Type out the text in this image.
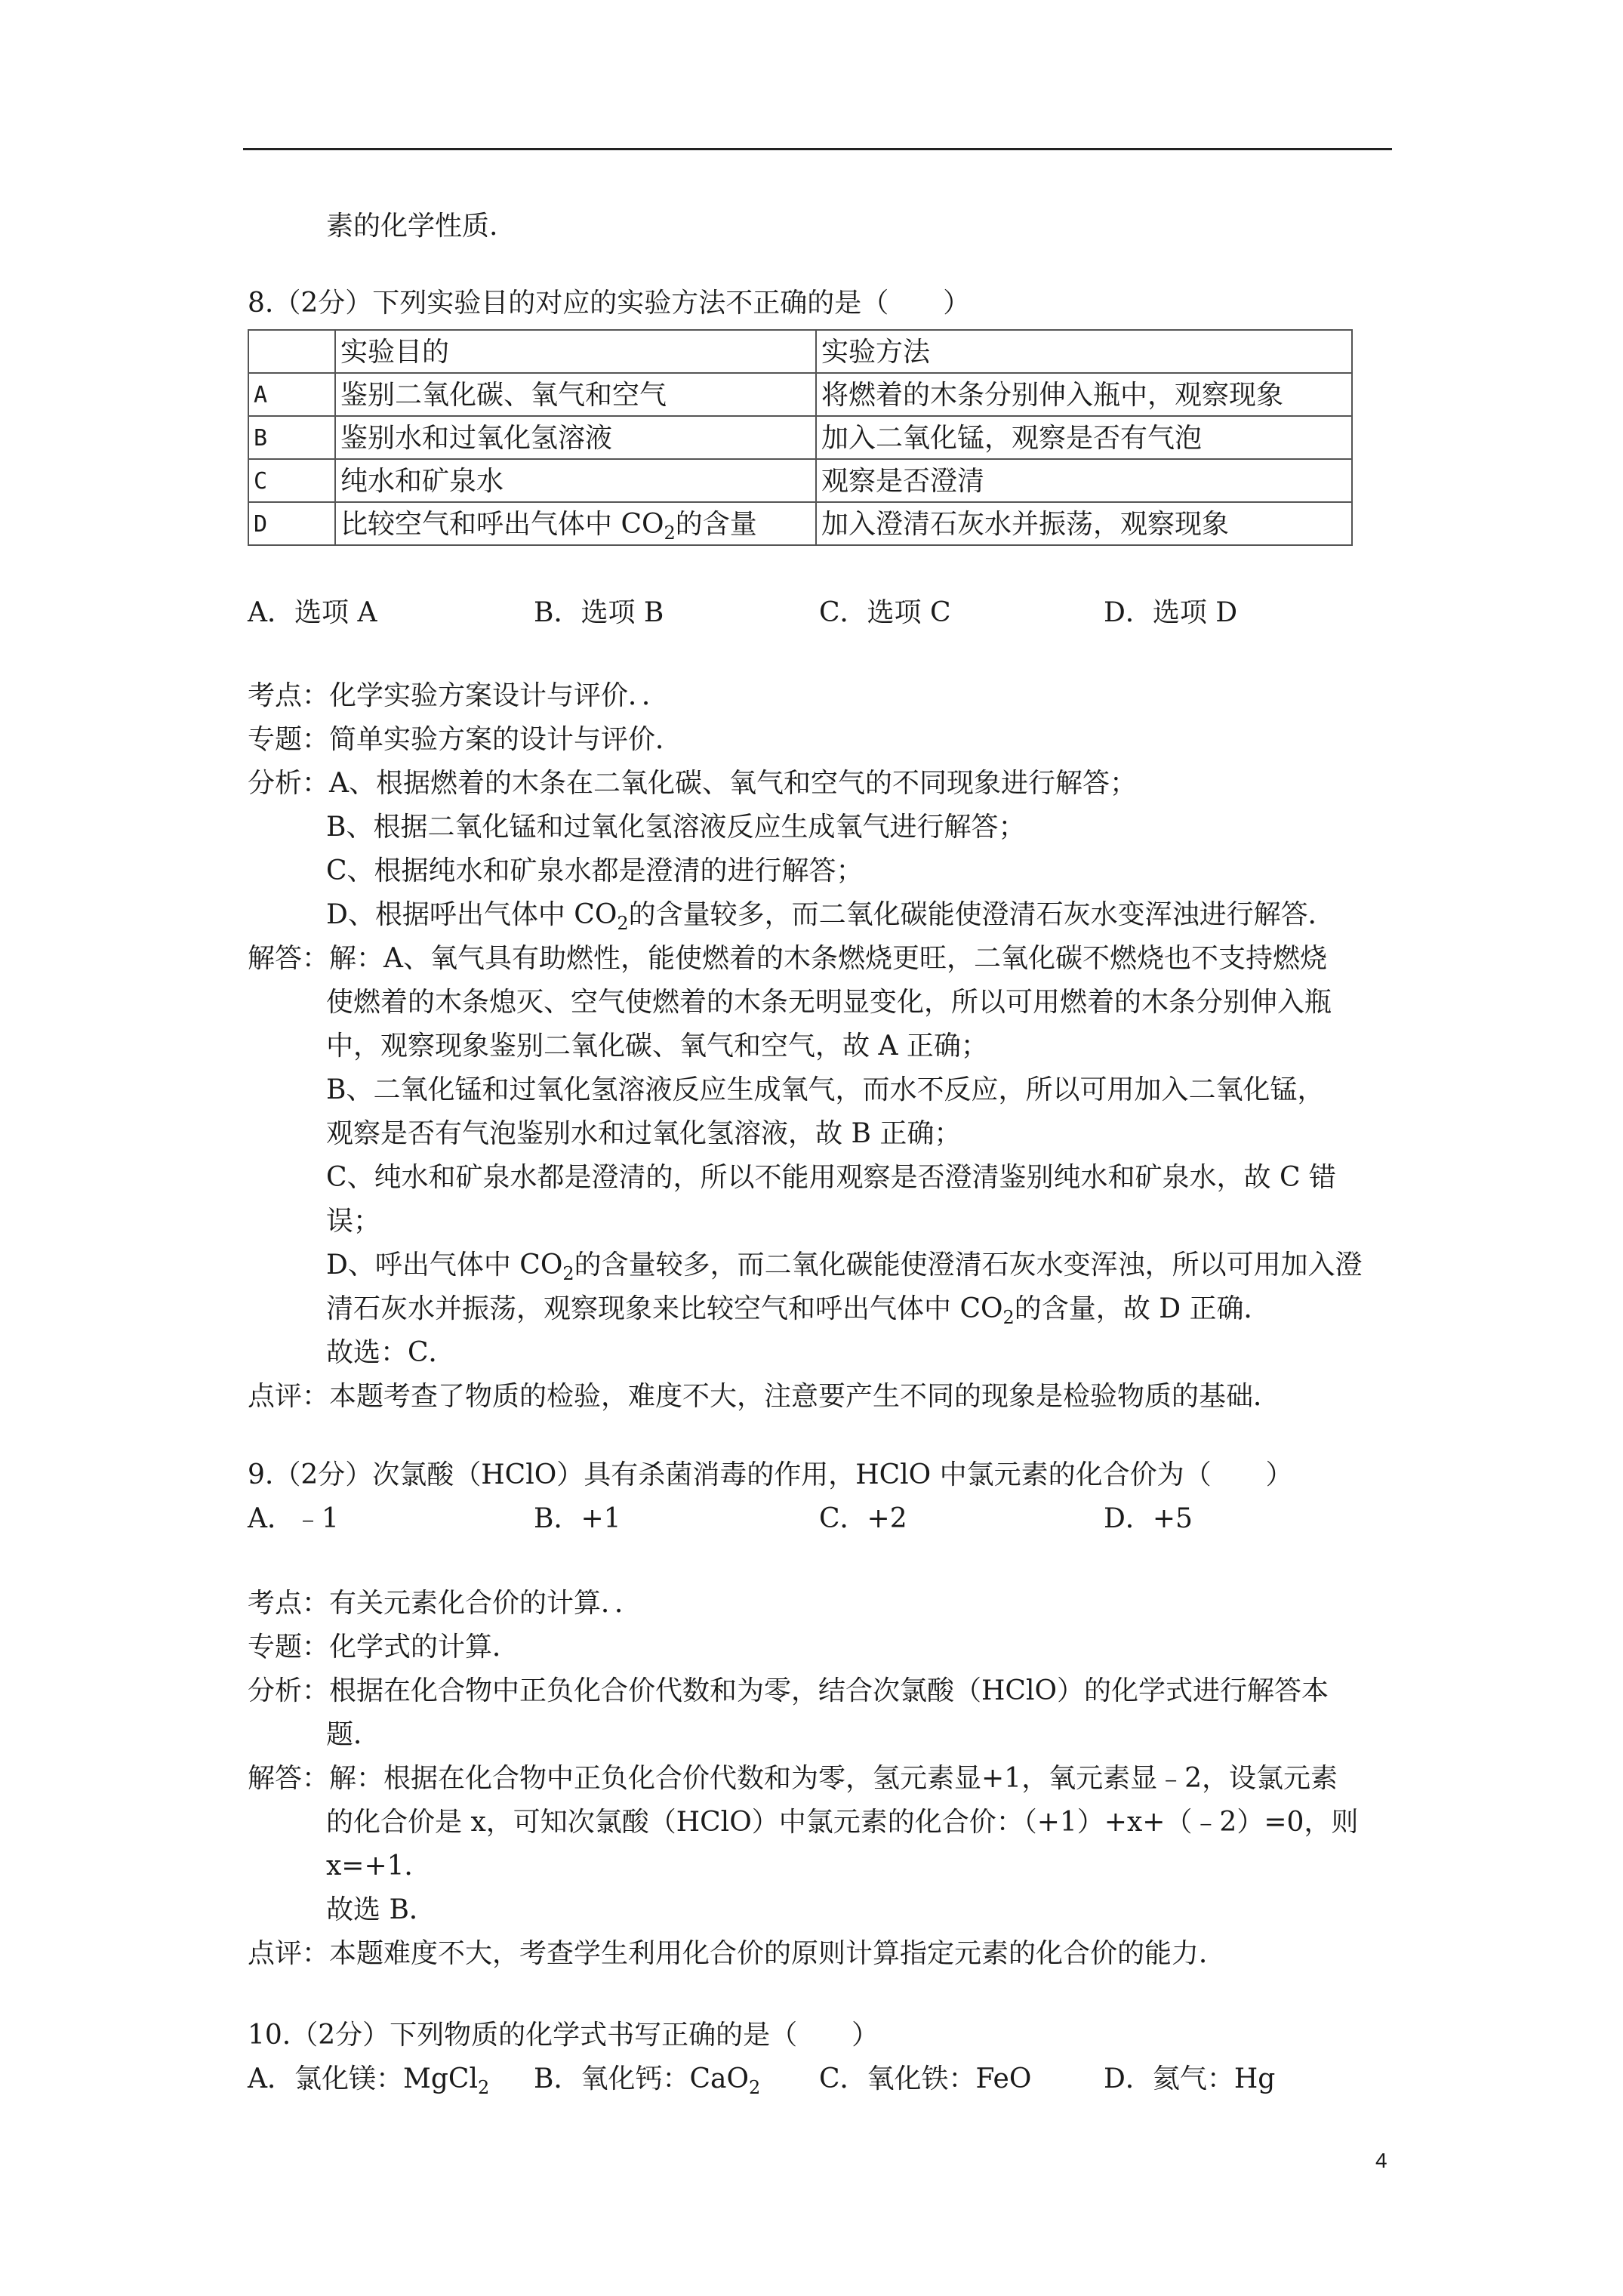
素的化学性质.
8.（2分）下列实验目的对应的实验方法不正确的是（　　）
	实验目的	实验方法
A	鉴别二氧化碳、氧气和空气	将燃着的木条分别伸入瓶中，观察现象
B	鉴别水和过氧化氢溶液	加入二氧化锰，观察是否有气泡
C	纯水和矿泉水	观察是否澄清
D	比较空气和呼出气体中 $CO_2$的含量	加入澄清石灰水并振荡，观察现象
A．选项 A	B．选项 B	C．选项 C	D．选项 D
考点：化学实验方案设计与评价．．
专题：简单实验方案的设计与评价．
分析：A、根据燃着的木条在二氧化碳、氧气和空气的不同现象进行解答；
B、根据二氧化锰和过氧化氢溶液反应生成氧气进行解答；
C、根据纯水和矿泉水都是澄清的进行解答；
D、根据呼出气体中 $CO_2$的含量较多，而二氧化碳能使澄清石灰水变浑浊进行解答．
解答：解：A、氧气具有助燃性，能使燃着的木条燃烧更旺，二氧化碳不燃烧也不支持燃烧
使燃着的木条熄灭、空气使燃着的木条无明显变化，所以可用燃着的木条分别伸入瓶
中，观察现象鉴别二氧化碳、氧气和空气，故 A 正确；
B、二氧化锰和过氧化氢溶液反应生成氧气，而水不反应，所以可用加入二氧化锰，
观察是否有气泡鉴别水和过氧化氢溶液，故 B 正确；
C、纯水和矿泉水都是澄清的，所以不能用观察是否澄清鉴别纯水和矿泉水，故 C 错
误；
D、呼出气体中 $CO_2$的含量较多，而二氧化碳能使澄清石灰水变浑浊，所以可用加入澄
清石灰水并振荡，观察现象来比较空气和呼出气体中 $CO_2$的含量，故 D 正确．
故选：C．
点评：本题考查了物质的检验，难度不大，注意要产生不同的现象是检验物质的基础．
9.（2分）次氯酸（HClO）具有杀菌消毒的作用，HClO 中氯元素的化合价为（　　）
A．﹣1	B．+1	C．+2	D．+5
考点：有关元素化合价的计算．．
专题：化学式的计算．
分析：根据在化合物中正负化合价代数和为零，结合次氯酸（HClO）的化学式进行解答本
题．
解答：解：根据在化合物中正负化合价代数和为零，氢元素显+1，氧元素显﹣2，设氯元素
的化合价是 x，可知次氯酸（HClO）中氯元素的化合价：（+1）+x+（﹣2）=0，则
x=+1．
故选 B．
点评：本题难度不大，考查学生利用化合价的原则计算指定元素的化合价的能力．
10.（2分）下列物质的化学式书写正确的是（　　）
A．氯化镁：MgCl$_2$ B．氧化钙：CaO$_2$ C．氧化铁：FeO	D．氦气：Hg
4
